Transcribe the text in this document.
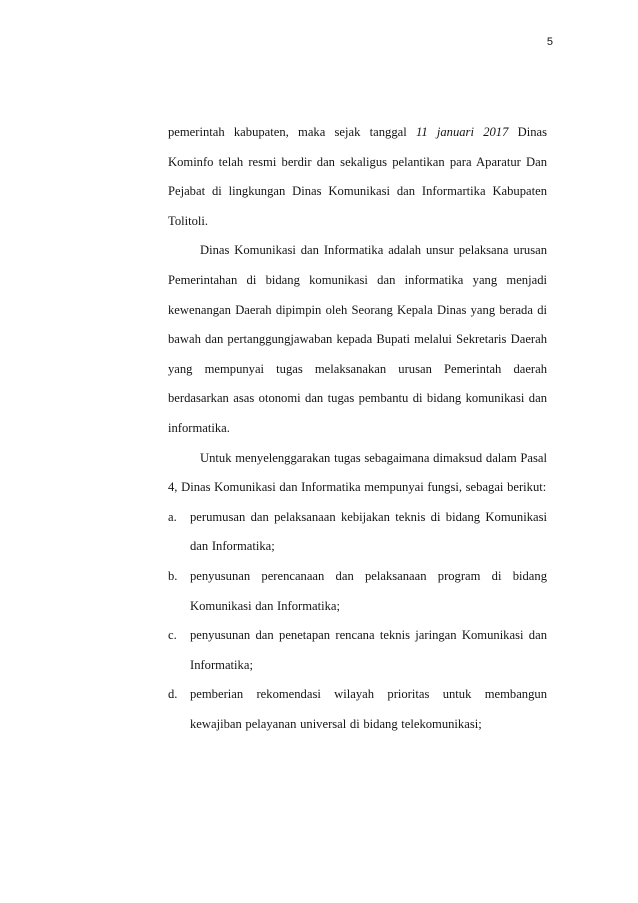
5

pemerintah kabupaten, maka sejak tanggal 11 januari 2017 Dinas Kominfo telah resmi berdir dan sekaligus pelantikan para Aparatur Dan Pejabat di lingkungan Dinas Komunikasi dan Informartika Kabupaten Tolitoli.

Dinas Komunikasi dan Informatika adalah unsur pelaksana urusan Pemerintahan di bidang komunikasi dan informatika yang menjadi kewenangan Daerah dipimpin oleh Seorang Kepala Dinas yang berada di bawah dan pertanggungjawaban kepada Bupati melalui Sekretaris Daerah yang mempunyai tugas melaksanakan urusan Pemerintah daerah berdasarkan asas otonomi dan tugas pembantu di bidang komunikasi dan informatika.

Untuk menyelenggarakan tugas sebagaimana dimaksud dalam Pasal 4, Dinas Komunikasi dan Informatika mempunyai fungsi, sebagai berikut:

a.	perumusan dan pelaksanaan kebijakan teknis di bidang Komunikasi dan Informatika;
b. penyusunan perencanaan dan pelaksanaan program di bidang Komunikasi dan Informatika;
c.	penyusunan dan penetapan rencana teknis jaringan Komunikasi dan Informatika;
d. pemberian rekomendasi wilayah prioritas untuk membangun kewajiban pelayanan universal di bidang telekomunikasi;
